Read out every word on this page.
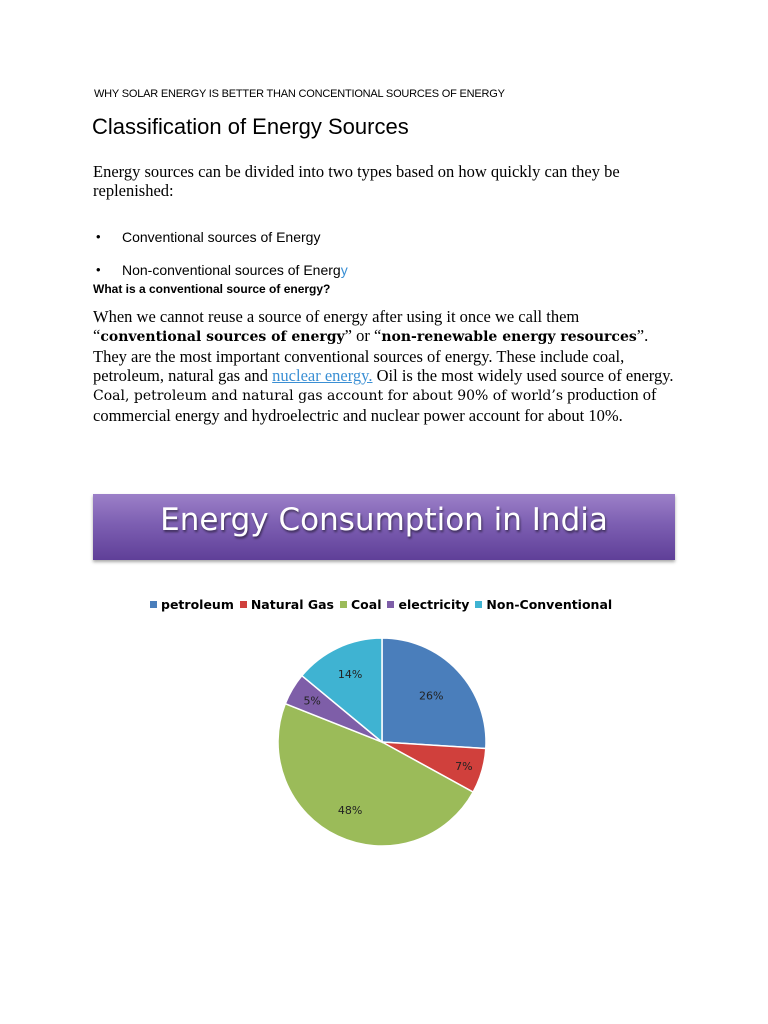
WHY SOLAR ENERGY IS BETTER THAN CONCENTIONAL SOURCES OF ENERGY
Classification of Energy Sources
Energy sources can be divided into two types based on how quickly can they be replenished:
• Conventional sources of Energy
• Non-conventional sources of Energy
What is a conventional source of energy?
When we cannot reuse a source of energy after using it once we call them “conventional sources of energy” or “non-renewable energy resources”. They are the most important conventional sources of energy. These include coal, petroleum, natural gas and nuclear energy. Oil is the most widely used source of energy. Coal, petroleum and natural gas account for about 90% of world’s production of commercial energy and hydroelectric and nuclear power account for about 10%.
Energy Consumption in India
petroleum Natural Gas Coal electricity Non-Conventional
26%
7%
48%
5%
14%
